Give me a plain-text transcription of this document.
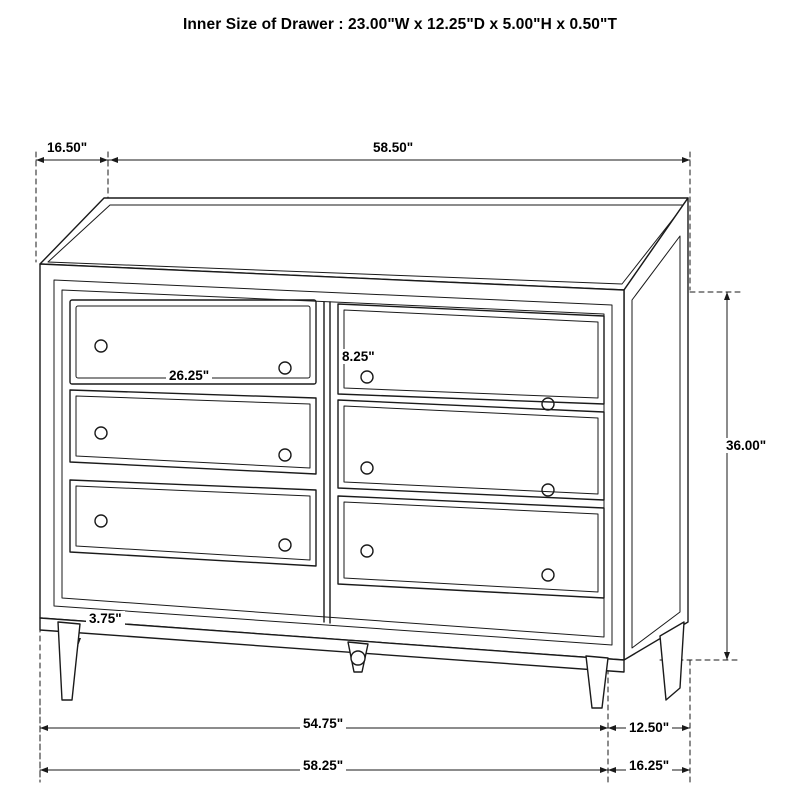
Inner Size of Drawer : 23.00"W x 12.25"D x 5.00"H x 0.50"T
16.50"	58.50"
26.25"
8.25"
36.00"
3.75"
54.75"	12.50"
58.25"	16.25"
